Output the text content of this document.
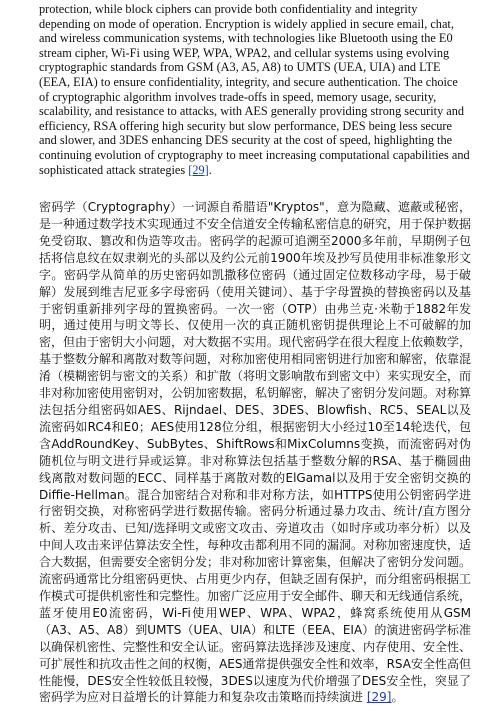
protection, while block ciphers can provide both confidentiality and integrity depending on mode of operation. Encryption is widely applied in secure email, chat, and wireless communication systems, with technologies like Bluetooth using the E0 stream cipher, Wi-Fi using WEP, WPA, WPA2, and cellular systems using evolving cryptographic standards from GSM (A3, A5, A8) to UMTS (UEA, UIA) and LTE (EEA, EIA) to ensure confidentiality, integrity, and secure authentication. The choice of cryptographic algorithm involves trade-offs in speed, memory usage, security, scalability, and resistance to attacks, with AES generally providing strong security and efficiency, RSA offering high security but slow performance, DES being less secure and slower, and 3DES enhancing DES security at the cost of speed, highlighting the continuing evolution of cryptography to meet increasing computational capabilities and sophisticated attack strategies [29].

密码学（Cryptography）一词源自希腊语"Kryptos"，意为隐藏、遮蔽或秘密，是一种通过数学技术实现通过不安全信道安全传输私密信息的研究，用于保护数据免受窃取、篡改和伪造等攻击。密码学的起源可追溯至2000多年前，早期例子包括将信息纹在奴隶剃光的头部以及约公元前1900年埃及抄写员使用非标准象形文字。密码学从简单的历史密码如凯撒移位密码（通过固定位数移动字母，易于破解）发展到维吉尼亚多字母密码（使用关键词）、基于字母置换的替换密码以及基于密钥重新排列字母的置换密码。一次一密（OTP）由弗兰克·米勒于1882年发明，通过使用与明文等长、仅使用一次的真正随机密钥提供理论上不可破解的加密，但由于密钥大小问题，对大数据不实用。现代密码学在很大程度上依赖数学，基于整数分解和离散对数等问题，对称加密使用相同密钥进行加密和解密，依靠混淆（模糊密钥与密文的关系）和扩散（将明文影响散布到密文中）来实现安全，而非对称加密使用密钥对，公钥加密数据，私钥解密，解决了密钥分发问题。对称算法包括分组密码如AES、Rijndael、DES、3DES、Blowfish、RC5、SEAL以及流密码如RC4和E0；AES使用128位分组，根据密钥大小经过10至14轮迭代，包含AddRoundKey、SubBytes、ShiftRows和MixColumns变换，而流密码对伪随机位与明文进行异或运算。非对称算法包括基于整数分解的RSA、基于椭圆曲线离散对数问题的ECC、同样基于离散对数的ElGamal以及用于安全密钥交换的Diffie-Hellman。混合加密结合对称和非对称方法，如HTTPS使用公钥密码学进行密钥交换，对称密码学进行数据传输。密码分析通过暴力攻击、统计/直方图分析、差分攻击、已知/选择明文或密文攻击、旁道攻击（如时序或功率分析）以及中间人攻击来评估算法安全性，每种攻击都利用不同的漏洞。对称加密速度快，适合大数据，但需要安全密钥分发；非对称加密计算密集，但解决了密钥分发问题。流密码通常比分组密码更快、占用更少内存，但缺乏固有保护，而分组密码根据工作模式可提供机密性和完整性。加密广泛应用于安全邮件、聊天和无线通信系统，蓝牙使用E0流密码，Wi-Fi使用WEP、WPA、WPA2，蜂窝系统使用从GSM（A3、A5、A8）到UMTS（UEA、UIA）和LTE（EEA、EIA）的演进密码学标准以确保机密性、完整性和安全认证。密码算法选择涉及速度、内存使用、安全性、可扩展性和抗攻击性之间的权衡，AES通常提供强安全性和效率，RSA安全性高但性能慢，DES安全性较低且较慢，3DES以速度为代价增强了DES安全性，突显了密码学为应对日益增长的计算能力和复杂攻击策略而持续演进 [29]。
